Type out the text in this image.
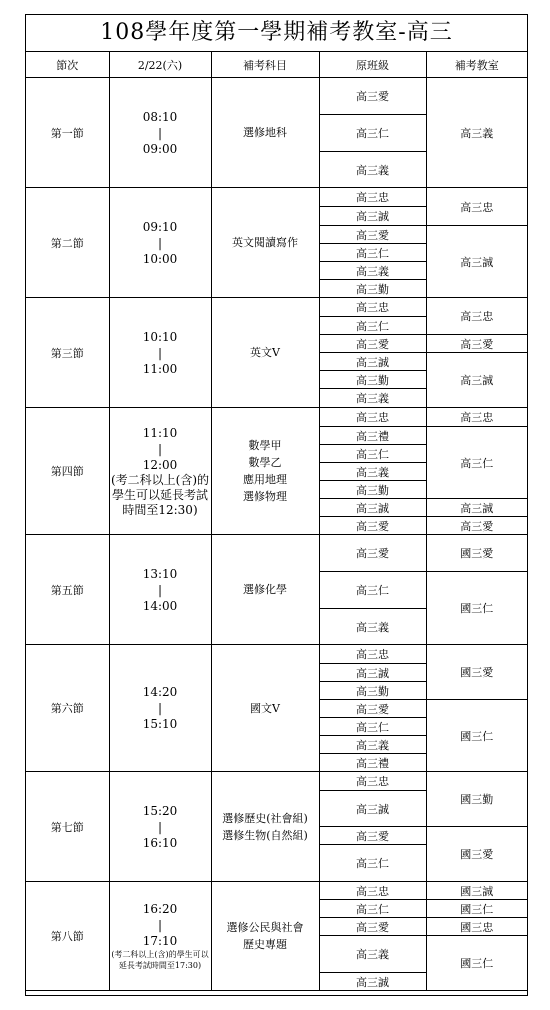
108學年度第一學期補考教室-高三
節次	2/22(六)	補考科目	原班級	補考教室
第一節	08:10

|
09:00	選修地科	高三愛	高三義
			高三仁	
			高三義	
第二節	09:10

|
10:00	英文閱讀寫作	高三忠	高三忠
			高三誠	
			高三愛	高三誠
			高三仁	
			高三義	
			高三勤	
第三節	10:10

|
11:00	英文V	高三忠	高三忠
			高三仁	
			高三愛	高三愛
			高三誠	高三誠
			高三勤	
			高三義	
第四節	11:10

|
12:00
(考二科以上(含)的學生可以延長考試時間至12:30)	數學甲
數學乙
應用地理
選修物理	高三忠	高三忠
			高三禮	高三仁
			高三仁	
			高三義	
			高三勤	
			高三誠	高三誠
			高三愛	高三愛
第五節	13:10

|
14:00	選修化學	高三愛	國三愛
			高三仁	國三仁
			高三義	
第六節	14:20

|
15:10	國文V	高三忠	國三愛
			高三誠	
			高三勤	
			高三愛	國三仁
			高三仁	
			高三義	
			高三禮	
第七節	15:20

|
16:10	選修歷史(社會組)
選修生物(自然組)	高三忠	國三勤
			高三誠	
			高三愛	國三愛
			高三仁	
第八節	16:20

|
17:10
(考二科以上(含)的學生可以延長考試時間至17:30)	選修公民與社會
歷史專題	高三忠	國三誠
			高三仁	國三仁
			高三愛	國三忠
			高三義	國三仁
			高三誠	
